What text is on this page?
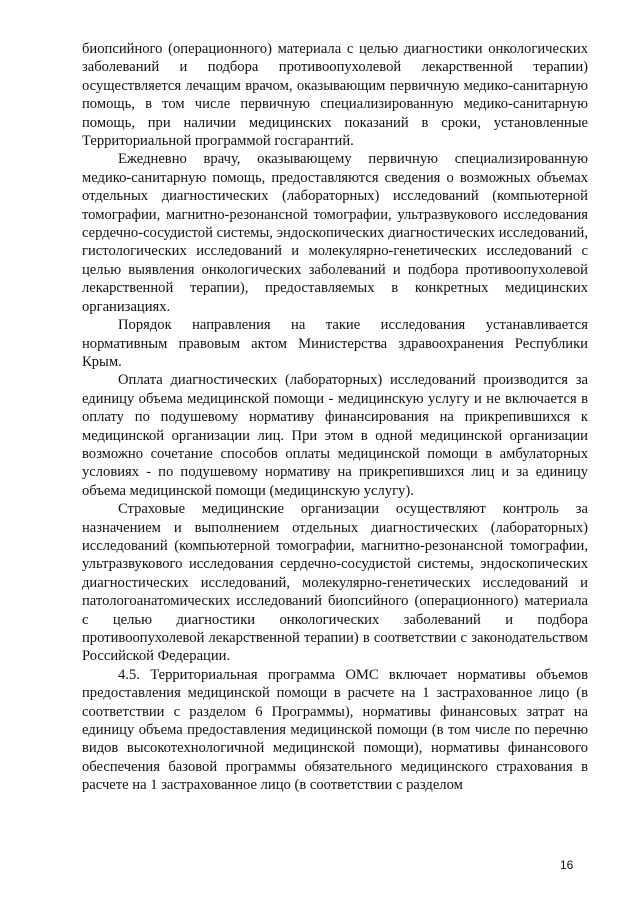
биопсийного (операционного) материала с целью диагностики онкологических заболеваний и подбора противоопухолевой лекарственной терапии) осуществляется лечащим врачом, оказывающим первичную медико-санитарную помощь, в том числе первичную специализированную медико-санитарную помощь, при наличии медицинских показаний в сроки, установленные Территориальной программой госгарантий.

Ежедневно врачу, оказывающему первичную специализированную медико-санитарную помощь, предоставляются сведения о возможных объемах отдельных диагностических (лабораторных) исследований (компьютерной томографии, магнитно-резонансной томографии, ультразвукового исследования сердечно-сосудистой системы, эндоскопических диагностических исследований, гистологических исследований и молекулярно-генетических исследований с целью выявления онкологических заболеваний и подбора противоопухолевой лекарственной терапии), предоставляемых в конкретных медицинских организациях.

Порядок направления на такие исследования устанавливается нормативным правовым актом Министерства здравоохранения Республики Крым.

Оплата диагностических (лабораторных) исследований производится за единицу объема медицинской помощи - медицинскую услугу и не включается в оплату по подушевому нормативу финансирования на прикрепившихся к медицинской организации лиц. При этом в одной медицинской организации возможно сочетание способов оплаты медицинской помощи в амбулаторных условиях - по подушевому нормативу на прикрепившихся лиц и за единицу объема медицинской помощи (медицинскую услугу).

Страховые медицинские организации осуществляют контроль за назначением и выполнением отдельных диагностических (лабораторных) исследований (компьютерной томографии, магнитно-резонансной томографии, ультразвукового исследования сердечно-сосудистой системы, эндоскопических диагностических исследований, молекулярно-генетических исследований и патологоанатомических исследований биопсийного (операционного) материала с целью диагностики онкологических заболеваний и подбора противоопухолевой лекарственной терапии) в соответствии с законодательством Российской Федерации.

4.5. Территориальная программа ОМС включает нормативы объемов предоставления медицинской помощи в расчете на 1 застрахованное лицо (в соответствии с разделом 6 Программы), нормативы финансовых затрат на единицу объема предоставления медицинской помощи (в том числе по перечню видов высокотехнологичной медицинской помощи), нормативы финансового обеспечения базовой программы обязательного медицинского страхования в расчете на 1 застрахованное лицо (в соответствии с разделом

16
